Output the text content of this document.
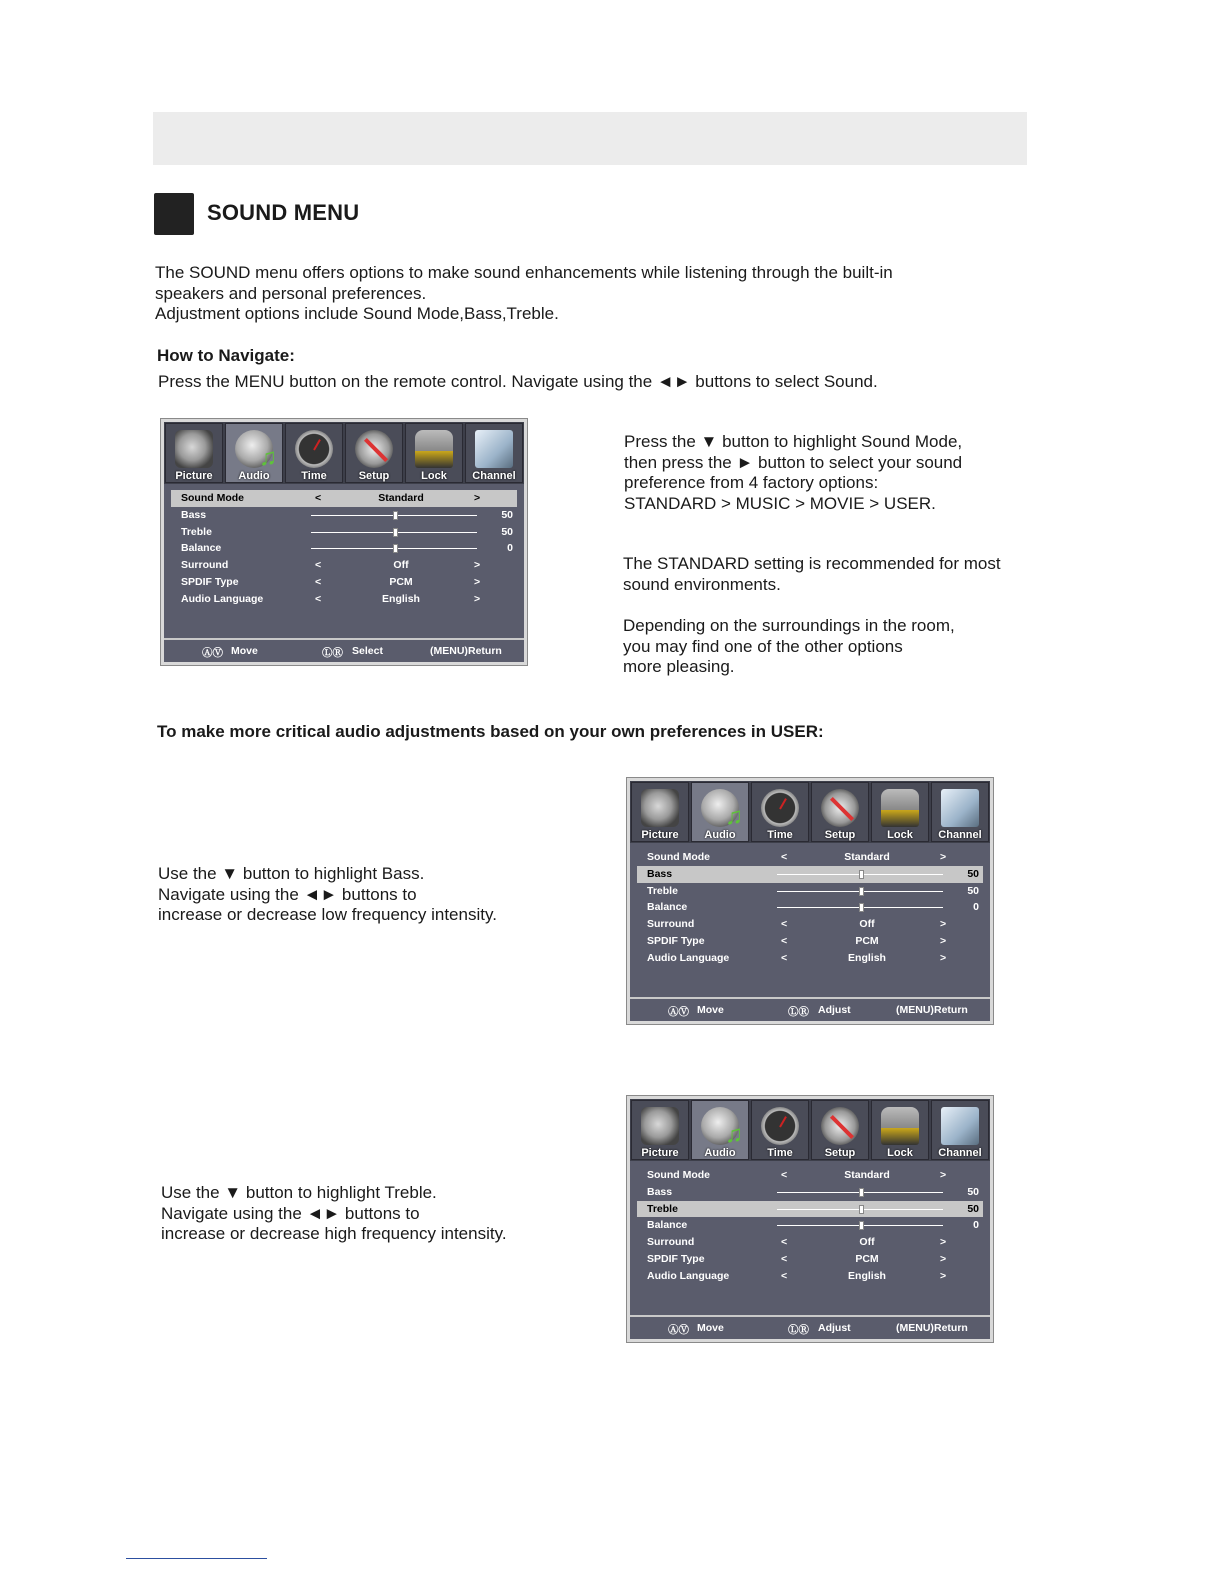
SOUND MENU
The SOUND menu offers options to make sound enhancements while listening through the built-in
speakers and personal preferences.
Adjustment options include Sound Mode,Bass,Treble.
How to Navigate:
Press the MENU button on the remote control. Navigate using the ◄► buttons to select Sound.
Picture
♫	Audio	Time	Setup	Lock	Channel
Sound Mode	<	Standard	>
Bass	50
Treble	50
Balance	0
Surround	<	Off	>
SPDIF Type	<	PCM	>
Audio Language	<	English	>
ⒶⓋ Move	ⓁⓇ Select	(MENU) Return
Press the ▼ button to highlight Sound Mode,
then press the ► button to select your sound
preference from 4 factory options:
STANDARD > MUSIC > MOVIE > USER.
The STANDARD setting is recommended for most
sound environments.
Depending on the surroundings in the room,
you may find one of the other options
more pleasing.
To make more critical audio adjustments based on your own preferences in USER:
Use the ▼ button to highlight Bass.
Navigate using the ◄► buttons to
increase or decrease low frequency intensity.
Picture
♫	Audio	Time	Setup	Lock	Channel
Sound Mode	<	Standard	>
Bass	50
Treble	50
Balance	0
Surround	<	Off	>
SPDIF Type	<	PCM	>
Audio Language	<	English	>
ⒶⓋ Move	ⓁⓇ Adjust	(MENU) Return
Use the ▼ button to highlight Treble.
Navigate using the ◄► buttons to
increase or decrease high frequency intensity.
Picture
♫	Audio	Time	Setup	Lock	Channel
Sound Mode	<	Standard	>
Bass	50
Treble	50
Balance	0
Surround	<	Off	>
SPDIF Type	<	PCM	>
Audio Language	<	English	>
ⒶⓋ Move	ⓁⓇ Adjust	(MENU) Return
